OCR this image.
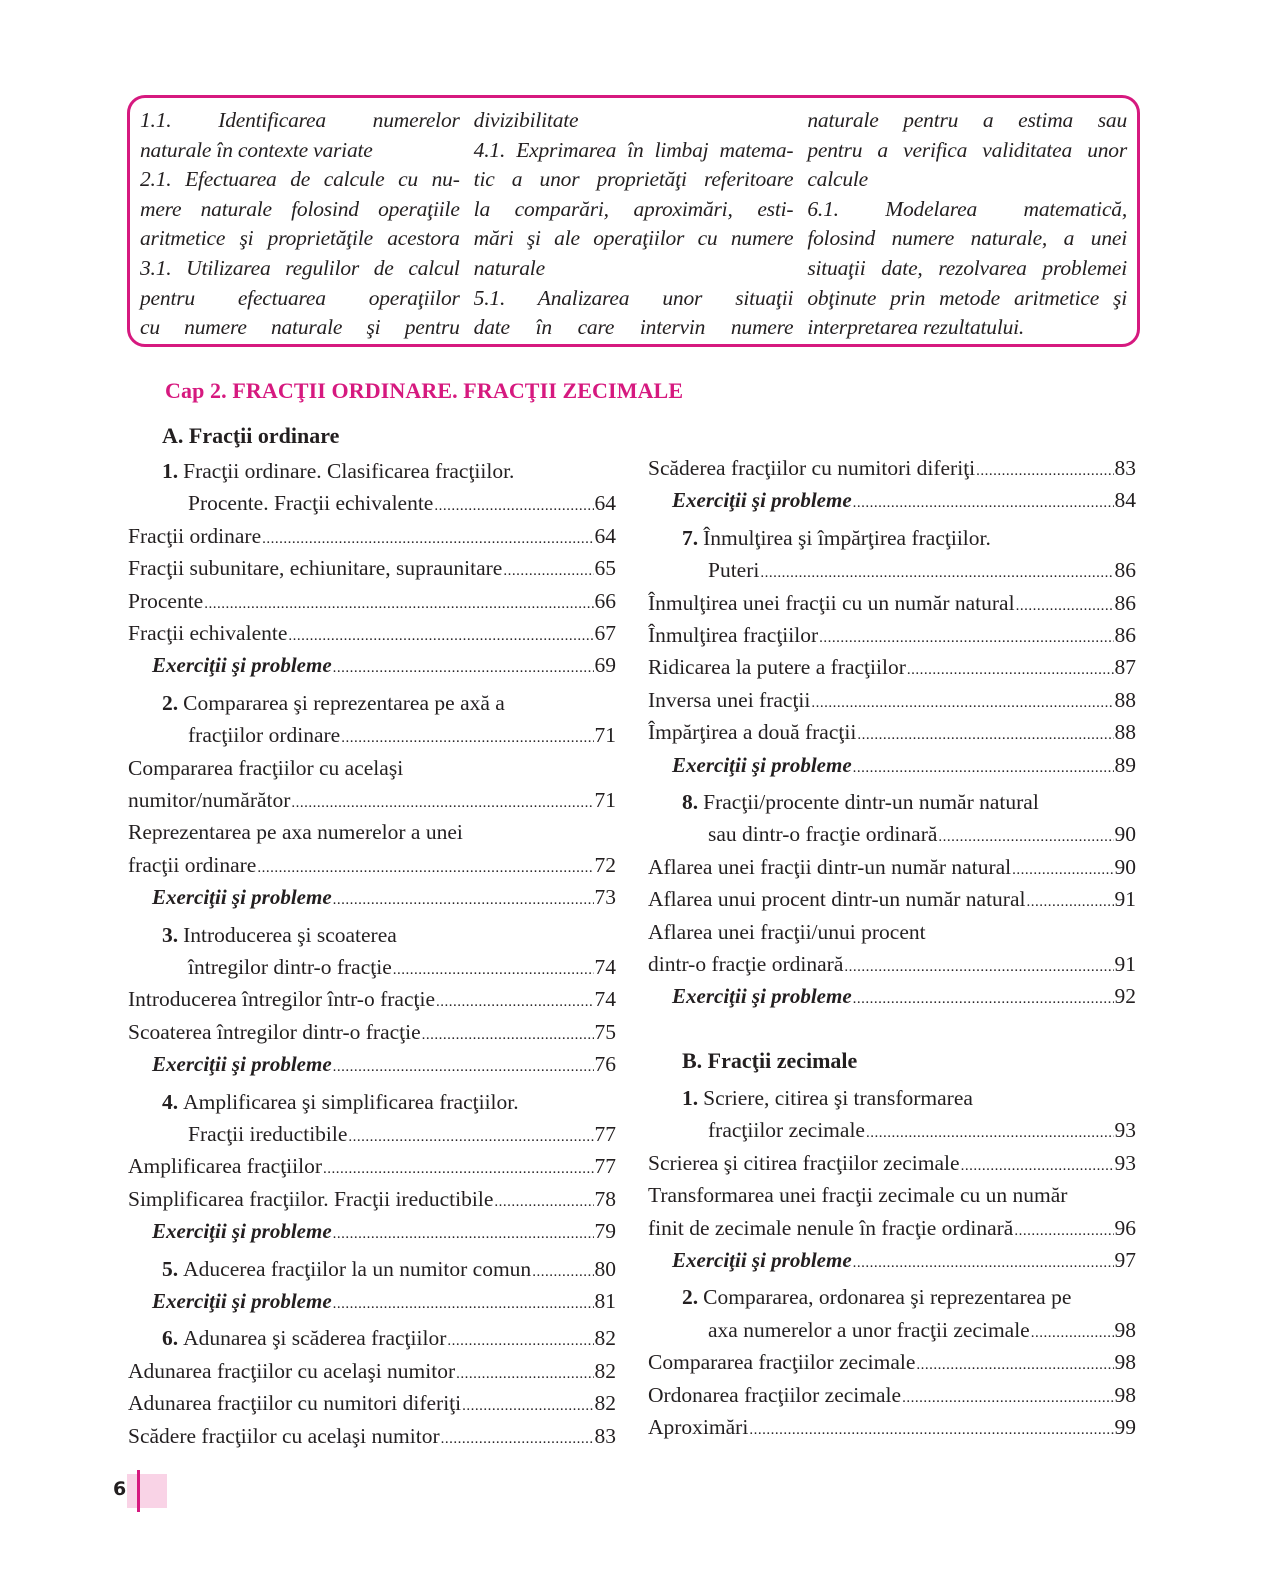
1.1. Identificarea numerelor
naturale în contexte variate
2.1. Efectuarea de calcule cu nu-
mere naturale folosind operaţiile
aritmetice şi proprietăţile acestora
3.1. Utilizarea regulilor de calcul
pentru efectuarea operaţiilor
cu numere naturale şi pentru
divizibilitate
4.1. Exprimarea în limbaj matema-
tic a unor proprietăţi referitoare
la comparări, aproximări, esti-
mări şi ale operaţiilor cu numere
naturale
5.1. Analizarea unor situaţii
date în care intervin numere
naturale pentru a estima sau
pentru a verifica validitatea unor
calcule
6.1. Modelarea matematică,
folosind numere naturale, a unei
situaţii date, rezolvarea problemei
obţinute prin metode aritmetice şi
interpretarea rezultatului.
Cap 2. FRACŢII ORDINARE. FRACŢII ZECIMALE
A. Fracţii ordinare
1. Fracţii ordinare. Clasificarea fracţiilor.
Procente. Fracţii echivalente .....	64
Fracţii ordinare .....	64
Fracţii subunitare, echiunitare, supraunitare .....	65
Procente .....	66
Fracţii echivalente .....	67
Exerciţii şi probleme .....	69
2. Compararea şi reprezentarea pe axă a
fracţiilor ordinare .....	71
Compararea fracţiilor cu acelaşi
numitor/numărător .....	71
Reprezentarea pe axa numerelor a unei
fracţii ordinare .....	72
Exerciţii şi probleme .....	73
3. Introducerea şi scoaterea
întregilor dintr-o fracţie .....	74
Introducerea întregilor într-o fracţie .....	74
Scoaterea întregilor dintr-o fracţie .....	75
Exerciţii şi probleme .....	76
4. Amplificarea şi simplificarea fracţiilor.
Fracţii ireductibile .....	77
Amplificarea fracţiilor .....	77
Simplificarea fracţiilor. Fracţii ireductibile .....	78
Exerciţii şi probleme .....	79
5. Aducerea fracţiilor la un numitor comun .....	80
Exerciţii şi probleme .....	81
6. Adunarea şi scăderea fracţiilor .....	82
Adunarea fracţiilor cu acelaşi numitor .....	82
Adunarea fracţiilor cu numitori diferiţi .....	82
Scădere fracţiilor cu acelaşi numitor .....	83
Scăderea fracţiilor cu numitori diferiţi .....	83
Exerciţii şi probleme .....	84
7. Înmulţirea şi împărţirea fracţiilor.
Puteri .....	86
Înmulţirea unei fracţii cu un număr natural .....	86
Înmulţirea fracţiilor .....	86
Ridicarea la putere a fracţiilor .....	87
Inversa unei fracţii .....	88
Împărţirea a două fracţii .....	88
Exerciţii şi probleme .....	89
8. Fracţii/procente dintr-un număr natural
sau dintr-o fracţie ordinară .....	90
Aflarea unei fracţii dintr-un număr natural .....	90
Aflarea unui procent dintr-un număr natural .....	91
Aflarea unei fracţii/unui procent
dintr-o fracţie ordinară .....	91
Exerciţii şi probleme .....	92
B. Fracţii zecimale
1. Scriere, citirea şi transformarea
fracţiilor zecimale .....	93
Scrierea şi citirea fracţiilor zecimale .....	93
Transformarea unei fracţii zecimale cu un număr
finit de zecimale nenule în fracţie ordinară .....	96
Exerciţii şi probleme .....	97
2. Compararea, ordonarea şi reprezentarea pe
axa numerelor a unor fracţii zecimale .....	98
Compararea fracţiilor zecimale .....	98
Ordonarea fracţiilor zecimale .....	98
Aproximări .....	99
6
